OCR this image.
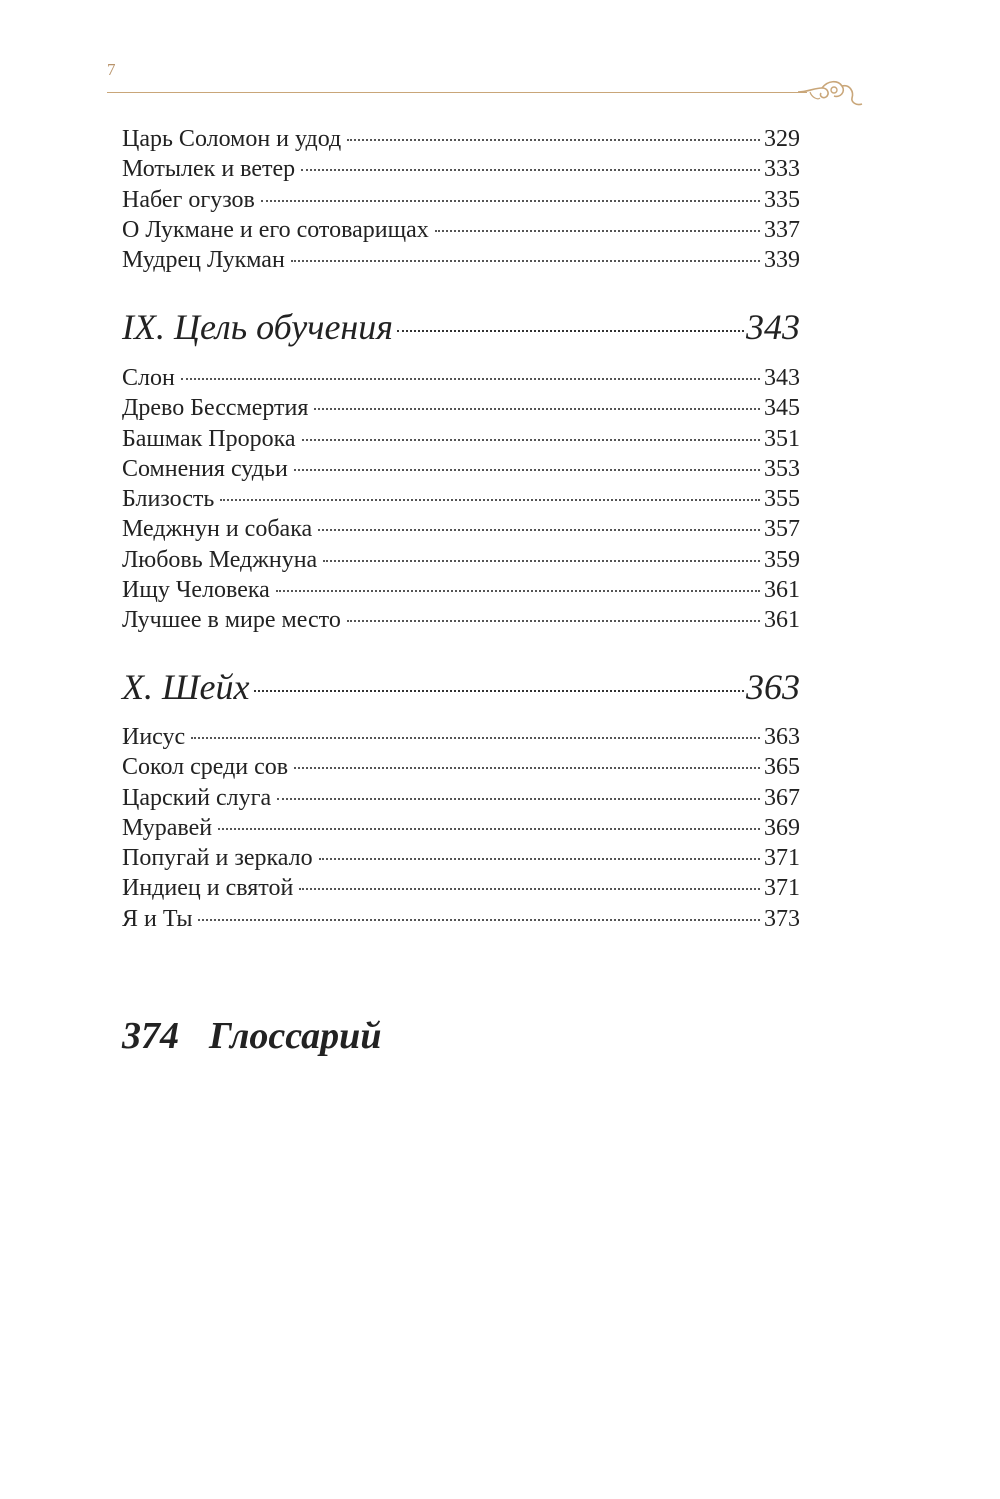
7
Царь Соломон и удод	329
Мотылек и ветер	333
Набег огузов	335
О Лукмане и его сотоварищах	337
Мудрец Лукман	339
IX. Цель обучения	343
Слон	343
Древо Бессмертия	345
Башмак Пророка	351
Сомнения судьи	353
Близость	355
Меджнун и собака	357
Любовь Меджнуна	359
Ищу Человека	361
Лучшее в мире место	361
X. Шейх	363
Иисус	363
Сокол среди сов	365
Царский слуга	367
Муравей	369
Попугай и зеркало	371
Индиец и святой	371
Я и Ты	373
374 Глоссарий
